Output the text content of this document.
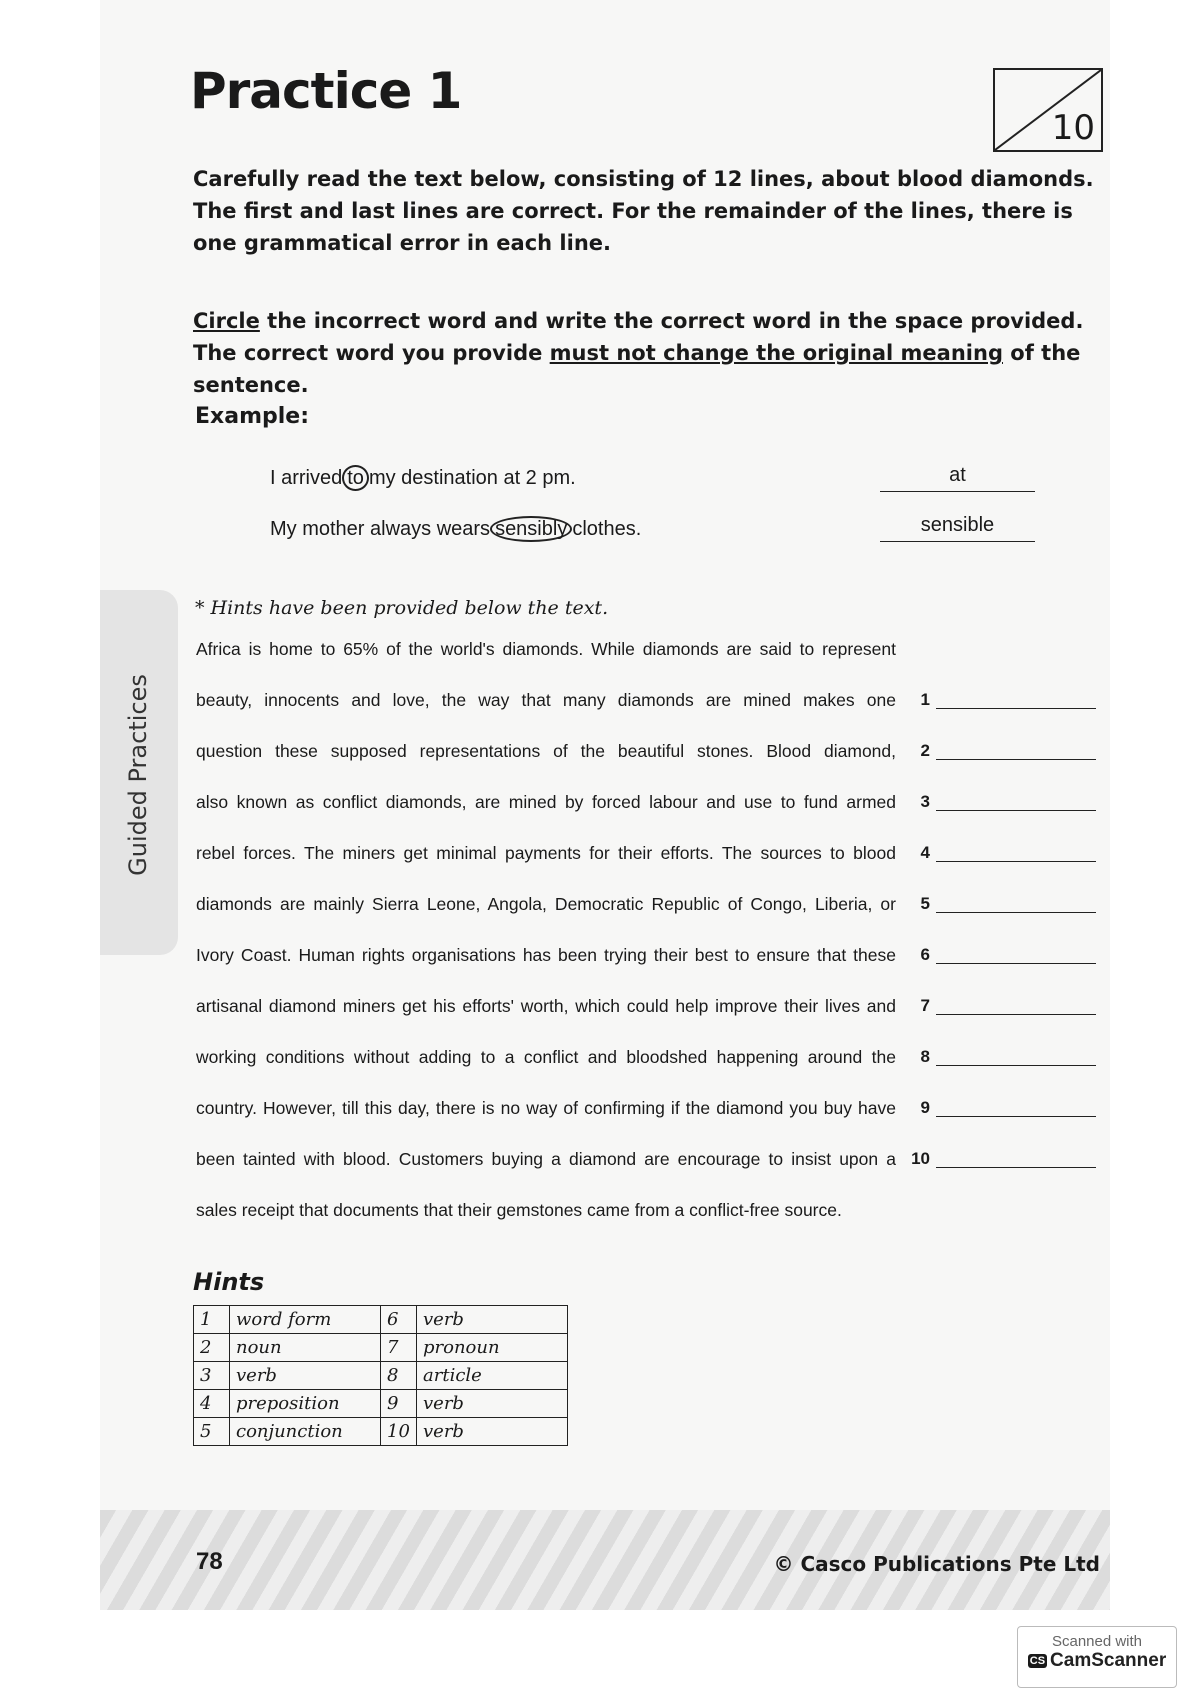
Practice 1
10
Carefully read the text below, consisting of 12 lines, about blood diamonds. The first and last lines are correct. For the remainder of the lines, there is one grammatical error in each line.
Circle the incorrect word and write the correct word in the space provided. The correct word you provide must not change the original meaning of the sentence.
Example:
I arrived to my destination at 2 pm.	at
My mother always wears sensibly clothes.	sensible
Guided Practices
* Hints have been provided below the text.
Africa is home to 65% of the world's diamonds. While diamonds are said to represent
beauty, innocents and love, the way that many diamonds are mined makes one
question these supposed representations of the beautiful stones. Blood diamond,
also known as conflict diamonds, are mined by forced labour and use to fund armed
rebel forces. The miners get minimal payments for their efforts. The sources to blood
diamonds are mainly Sierra Leone, Angola, Democratic Republic of Congo, Liberia, or
Ivory Coast. Human rights organisations has been trying their best to ensure that these
artisanal diamond miners get his efforts' worth, which could help improve their lives and
working conditions without adding to a conflict and bloodshed happening around the
country. However, till this day, there is no way of confirming if the diamond you buy have
been tainted with blood. Customers buying a diamond are encourage to insist upon a
sales receipt that documents that their gemstones came from a conflict-free source.
1
2
3
4
5
6
7
8
9
10
Hints
1	word form	6	verb
2	noun	7	pronoun
3	verb	8	article
4	preposition	9	verb
5	conjunction	10	verb
78	© Casco Publications Pte Ltd
Scanned with
CS CamScanner
